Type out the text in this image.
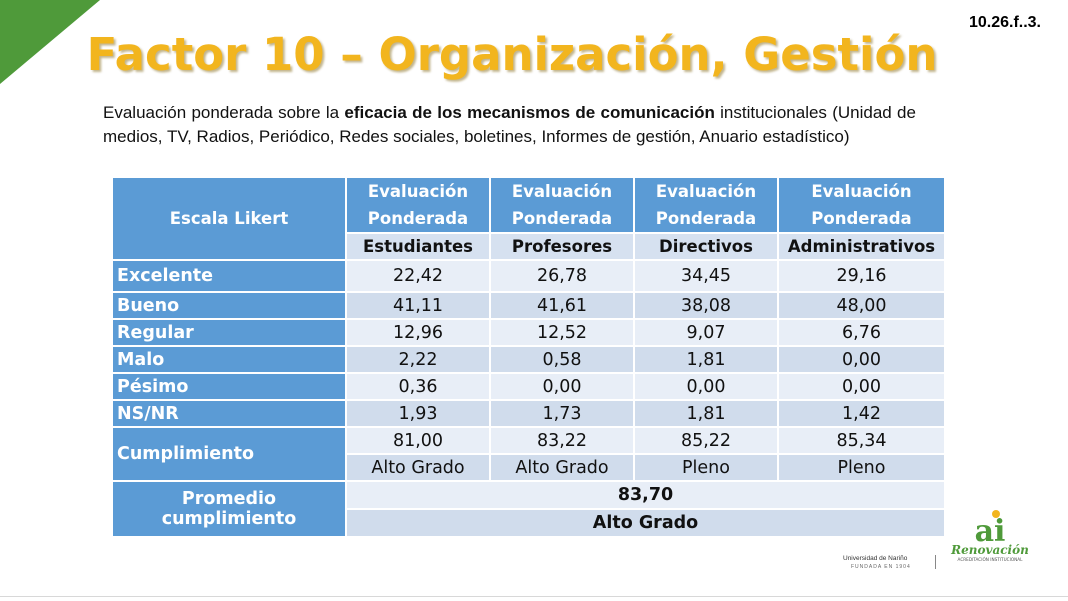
10.26.f..3.
Factor 10 – Organización, Gestión
Evaluación ponderada sobre la eficacia de los mecanismos de comunicación institucionales (Unidad de medios, TV, Radios, Periódico, Redes sociales, boletines, Informes de gestión, Anuario estadístico)
Escala Likert	Evaluación Ponderada	Evaluación Ponderada	Evaluación Ponderada	Evaluación Ponderada
	Estudiantes	Profesores	Directivos	Administrativos
Excelente	22,42	26,78	34,45	29,16
Bueno	41,11	41,61	38,08	48,00
Regular	12,96	12,52	9,07	6,76
Malo	2,22	0,58	1,81	0,00
Pésimo	0,36	0,00	0,00	0,00
NS/NR	1,93	1,73	1,81	1,42
Cumplimiento	81,00	83,22	85,22	85,34
	Alto Grado	Alto Grado	Pleno	Pleno
Promedio cumplimiento	83,70			
	Alto Grado			
Universidad de Nariño
FUNDADA EN 1904
ai
Renovación
ACREDITACIÓN INSTITUCIONAL
